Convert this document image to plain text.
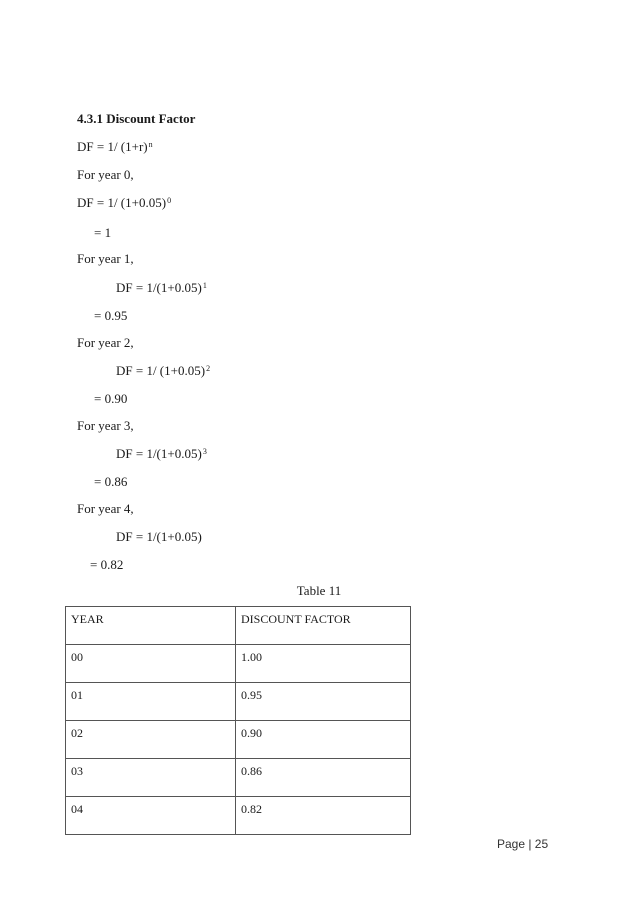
4.3.1 Discount Factor
DF = 1/ $(1+r)^n$
For year 0,
DF = 1/ $(1+0.05)^0$
= 1
For year 1,
DF = $1/(1+0.05)^1$
= 0.95
For year 2,
DF = 1/ $(1+0.05)^2$
= 0.90
For year 3,
DF = $1/(1+0.05)^3$
= 0.86
For year 4,
DF = 1/(1+0.05)
= 0.82
Table 11
YEAR	DISCOUNT FACTOR
00	1.00
01	0.95
02	0.90
03	0.86
04	0.82
Page | 25
